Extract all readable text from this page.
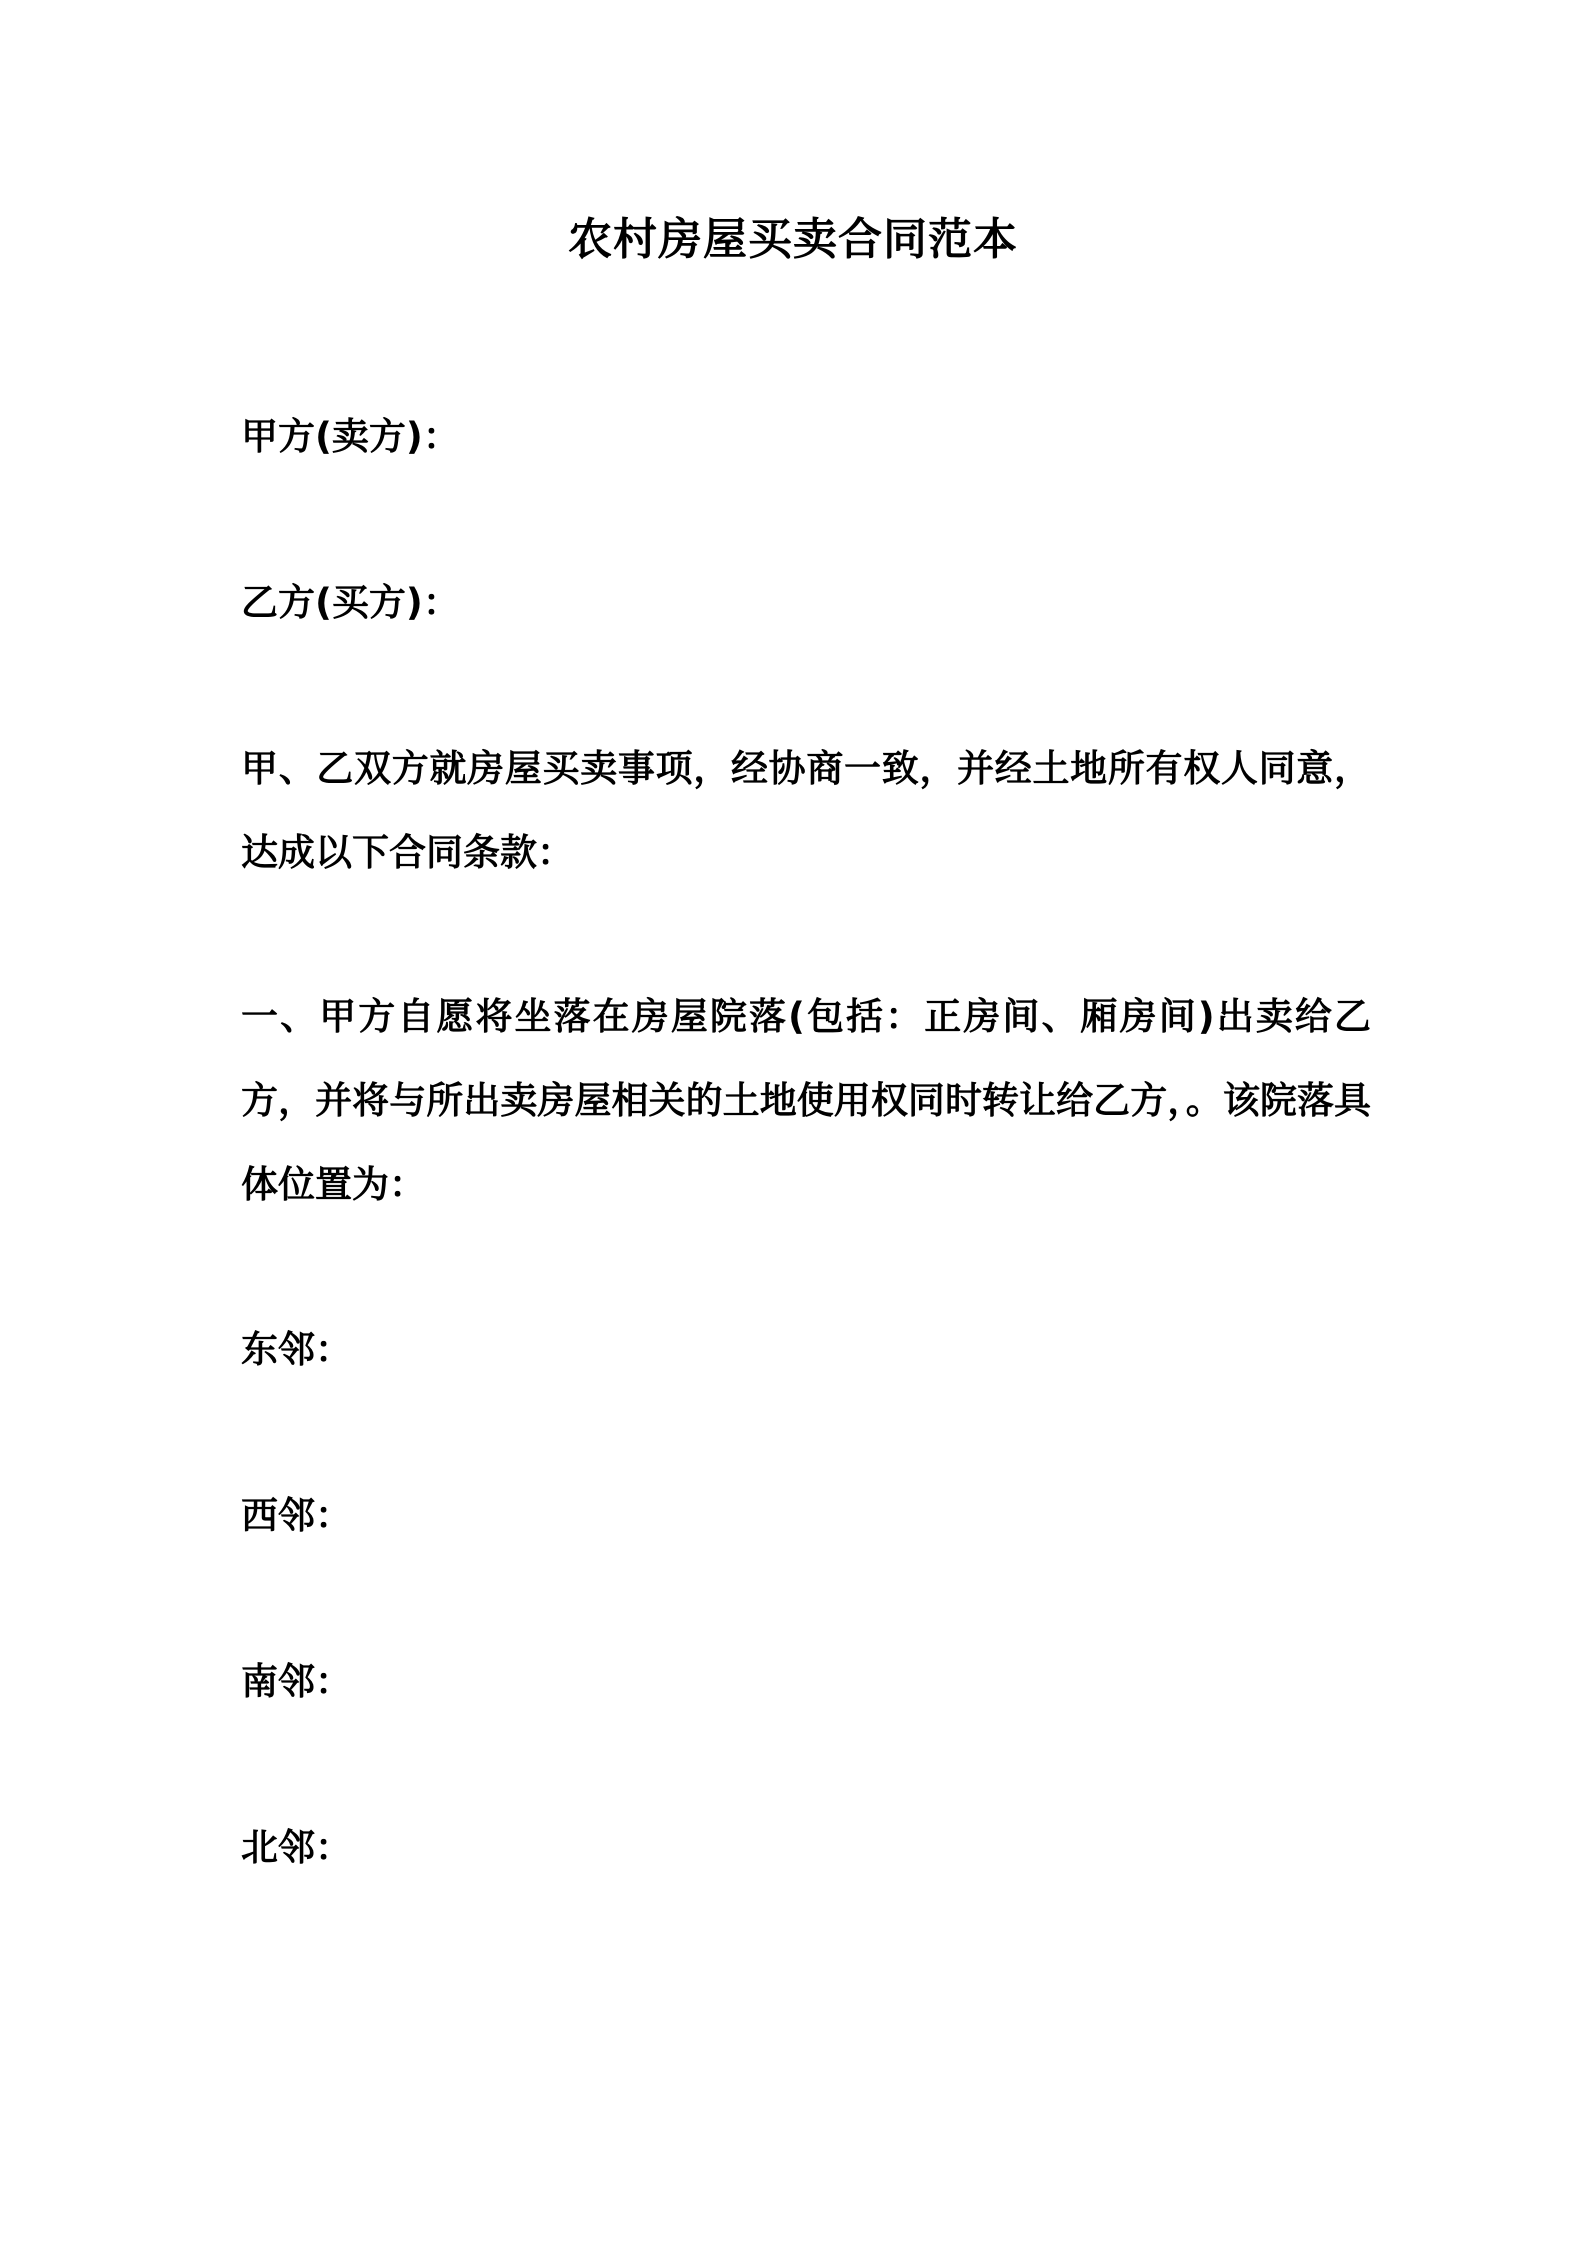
农村房屋买卖合同范本
甲方(卖方)：
乙方(买方)：
甲、乙双方就房屋买卖事项，经协商一致，并经土地所有权人同意，达成以下合同条款：
一、甲方自愿将坐落在房屋院落(包括：正房间、厢房间)出卖给乙方，并将与所出卖房屋相关的土地使用权同时转让给乙方，。该院落具体位置为：
东邻：
西邻：
南邻：
北邻：
